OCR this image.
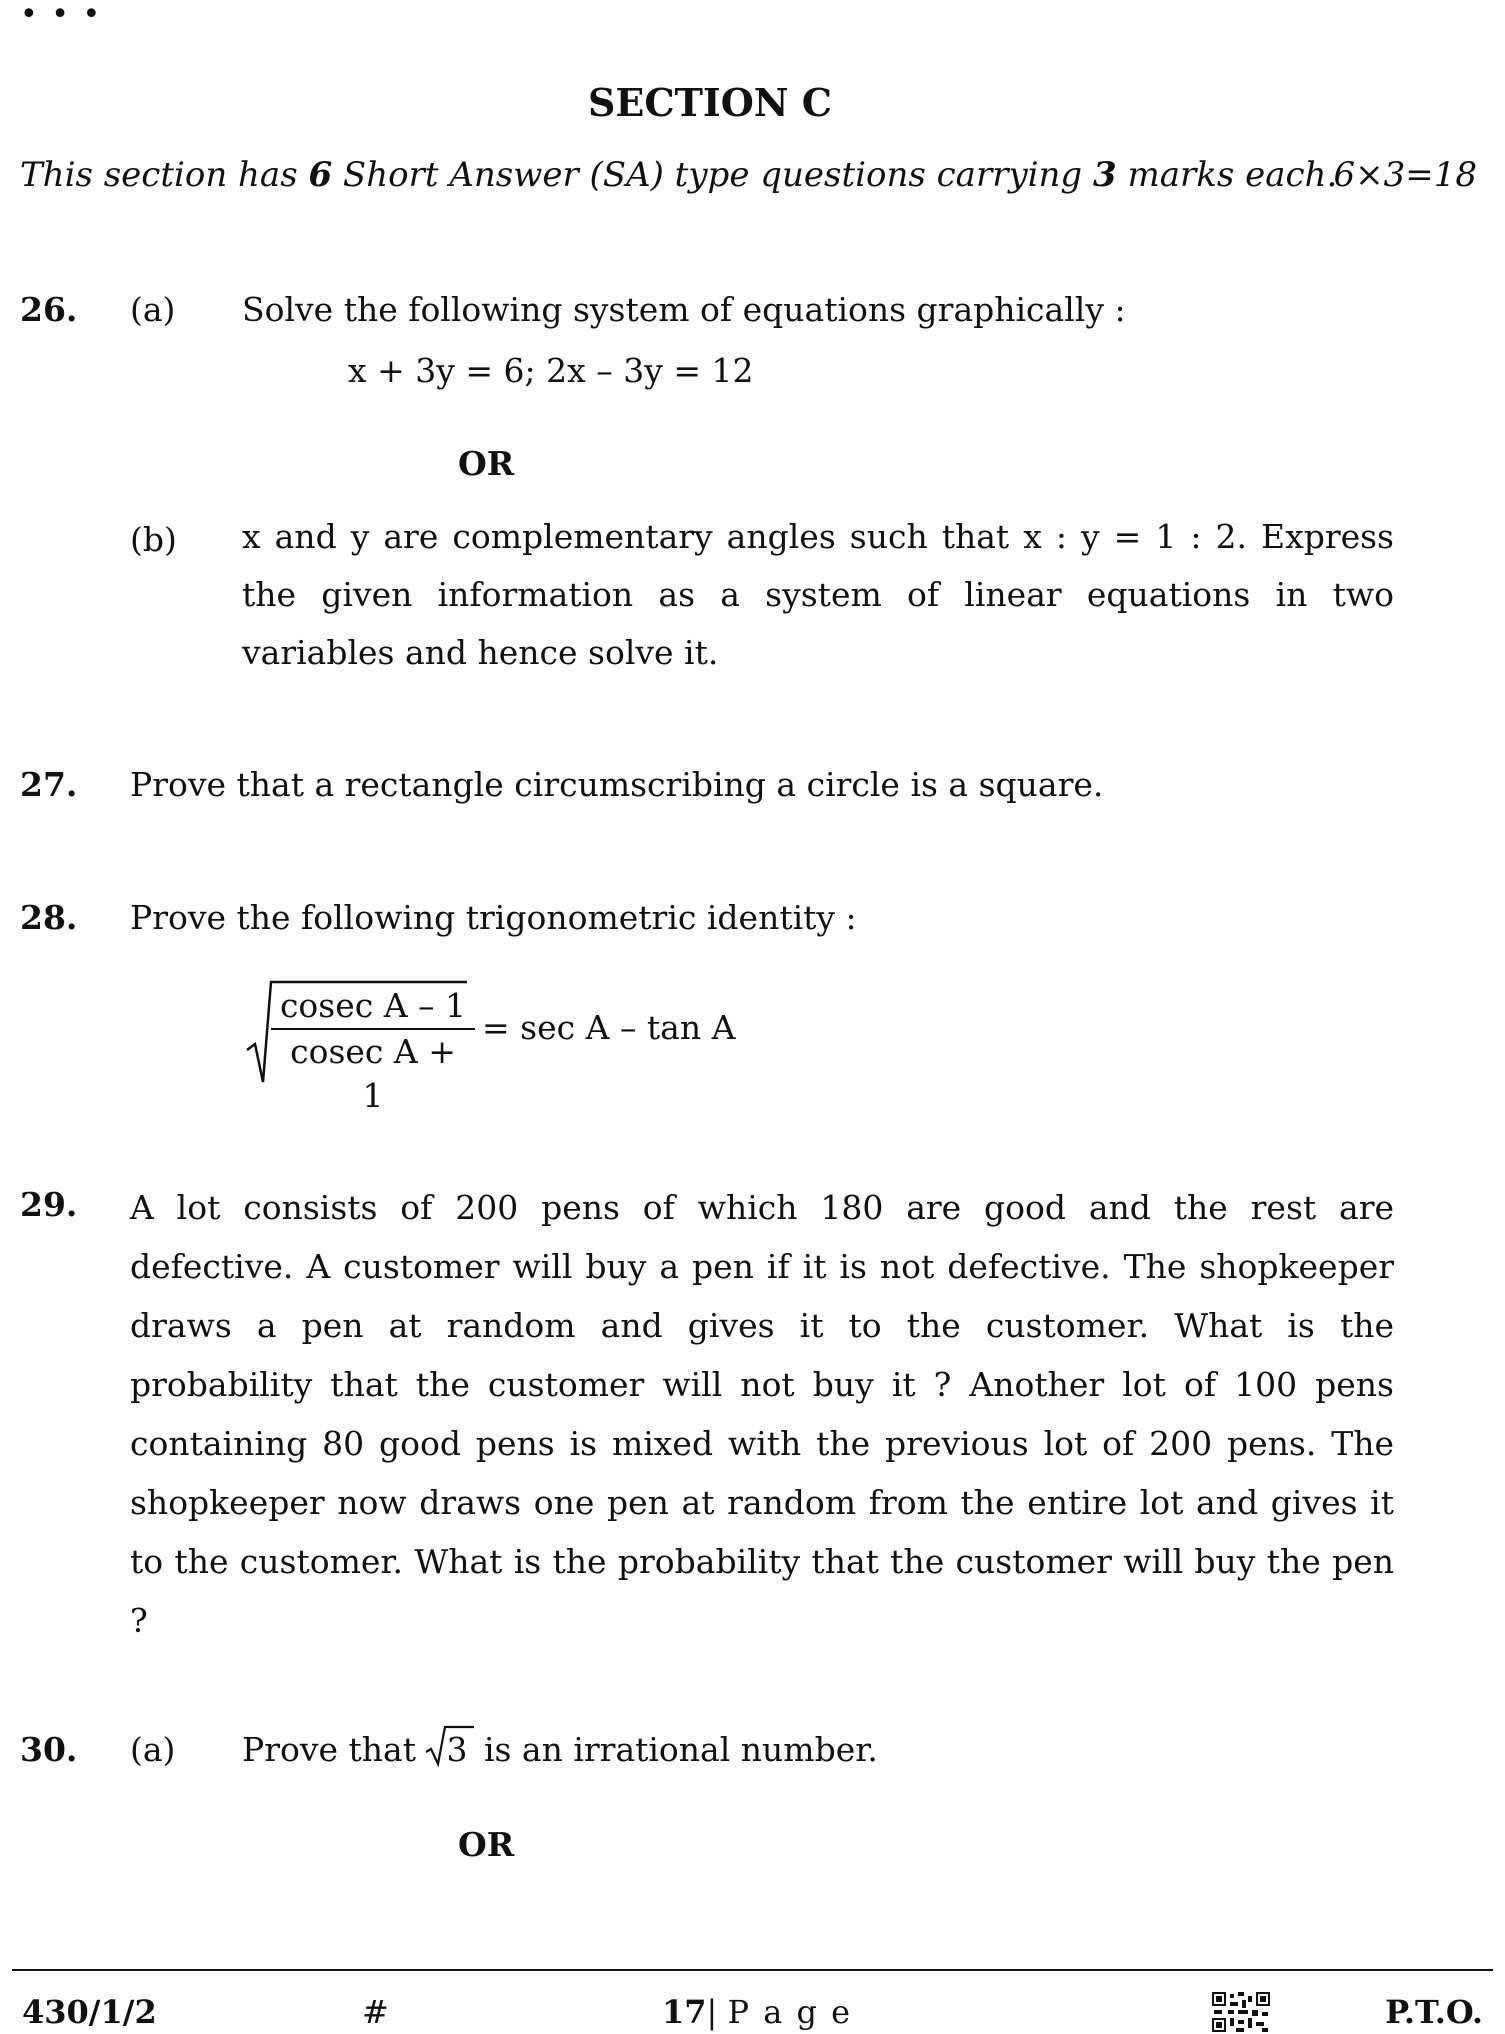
• • •
SECTION C
This section has 6 Short Answer (SA) type questions carrying 3 marks each.
6×3=18
26. (a) Solve the following system of equations graphically :
x + 3y = 6; 2x – 3y = 12
OR
(b) x and y are complementary angles such that x : y = 1 : 2. Express the given information as a system of linear equations in two variables and hence solve it.
27. Prove that a rectangle circumscribing a circle is a square.
28. Prove the following trigonometric identity :
$\frac{\text{cosec A – 1}}{\text{cosec A + 1}} = \sec A - \tan A$
29. A lot consists of 200 pens of which 180 are good and the rest are defective. A customer will buy a pen if it is not defective. The shopkeeper draws a pen at random and gives it to the customer. What is the probability that the customer will not buy it ? Another lot of 100 pens containing 80 good pens is mixed with the previous lot of 200 pens. The shopkeeper now draws one pen at random from the entire lot and gives it to the customer. What is the probability that the customer will buy the pen ?
30. (a) Prove that
3 is an irrational number.
OR
430/1/2	#	17| P a g e	P.T.O.
